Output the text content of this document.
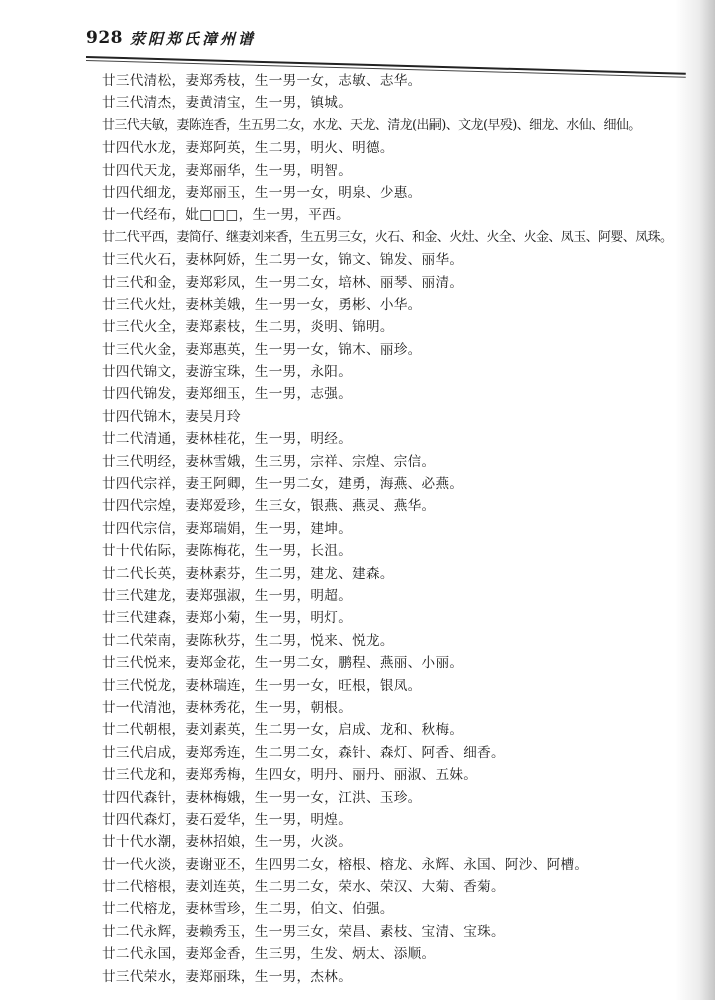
928 荥阳郑氏漳州谱
廿三代清松，妻郑秀枝，生一男一女，志敏、志华。
廿三代清杰，妻黄清宝，生一男，镇城。
廿三代夫敏，妻陈连香，生五男二女，水龙、天龙、清龙(出嗣)、文龙(早殁)、细龙、水仙、细仙。
廿四代水龙，妻郑阿英，生二男，明火、明德。
廿四代天龙，妻郑丽华，生一男，明智。
廿四代细龙，妻郑丽玉，生一男一女，明泉、少惠。
廿一代经布，妣□□□，生一男，平西。
廿二代平西，妻简仔、继妻刘来香，生五男三女，火石、和金、火灶、火全、火金、凤玉、阿婴、凤珠。
廿三代火石，妻林阿娇，生二男一女，锦文、锦发、丽华。
廿三代和金，妻郑彩凤，生一男二女，培林、丽琴、丽清。
廿三代火灶，妻林美娥，生一男一女，勇彬、小华。
廿三代火全，妻郑素枝，生二男，炎明、锦明。
廿三代火金，妻郑惠英，生一男一女，锦木、丽珍。
廿四代锦文，妻游宝珠，生一男，永阳。
廿四代锦发，妻郑细玉，生一男，志强。
廿四代锦木，妻吴月玲
廿二代清通，妻林桂花，生一男，明经。
廿三代明经，妻林雪娥，生三男，宗祥、宗煌、宗信。
廿四代宗祥，妻王阿卿，生一男二女，建勇，海燕、必燕。
廿四代宗煌，妻郑爱珍，生三女，银燕、燕灵、燕华。
廿四代宗信，妻郑瑞娟，生一男，建坤。
廿十代佑际，妻陈梅花，生一男，长沮。
廿二代长英，妻林素芬，生二男，建龙、建森。
廿三代建龙，妻郑强淑，生一男，明超。
廿三代建森，妻郑小菊，生一男，明灯。
廿二代荣南，妻陈秋芬，生二男，悦来、悦龙。
廿三代悦来，妻郑金花，生一男二女，鹏程、燕丽、小丽。
廿三代悦龙，妻林瑞连，生一男一女，旺根，银凤。
廿一代清池，妻林秀花，生一男，朝根。
廿二代朝根，妻刘素英，生二男一女，启成、龙和、秋梅。
廿三代启成，妻郑秀连，生二男二女，森针、森灯、阿香、细香。
廿三代龙和，妻郑秀梅，生四女，明丹、丽丹、丽淑、五妹。
廿四代森针，妻林梅娥，生一男一女，江洪、玉珍。
廿四代森灯，妻石爱华，生一男，明煌。
廿十代水潮，妻林招娘，生一男，火淡。
廿一代火淡，妻谢亚丕，生四男二女，榕根、榕龙、永辉、永国、阿沙、阿槽。
廿二代榕根，妻刘连英，生二男二女，荣水、荣汉、大菊、香菊。
廿二代榕龙，妻林雪珍，生二男，伯文、伯强。
廿二代永辉，妻赖秀玉，生一男三女，荣昌、素枝、宝清、宝珠。
廿二代永国，妻郑金香，生三男，生发、炳太、添顺。
廿三代荣水，妻郑丽珠，生一男，杰林。
